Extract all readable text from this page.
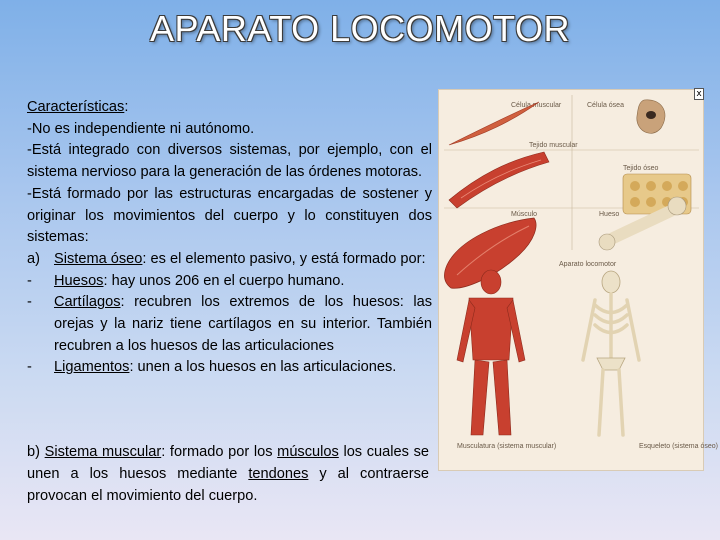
APARATO LOCOMOTOR

Características:

-No es independiente ni autónomo.

-Está integrado con diversos sistemas, por ejemplo, con el sistema nervioso para la generación de las órdenes motoras.

-Está formado por las estructuras encargadas de sostener y originar los movimientos del cuerpo y lo constituyen dos sistemas:

a) Sistema óseo: es el elemento pasivo, y está formado por:

- Huesos: hay unos 206 en el cuerpo humano.

- Cartílagos: recubren los extremos de los huesos: las orejas y la nariz tiene cartílagos en su interior. También recubren a los huesos de las articulaciones

- Ligamentos: unen a los huesos en las articulaciones.

b) Sistema muscular: formado por los músculos los cuales se unen a los huesos mediante tendones y al contraerse provocan el movimiento del cuerpo.
Célula muscular	Célula ósea
Tejido muscular
Tejido óseo
Músculo	Hueso
Aparato locomotor
Musculatura (sistema muscular)	Esqueleto (sistema óseo)
x
